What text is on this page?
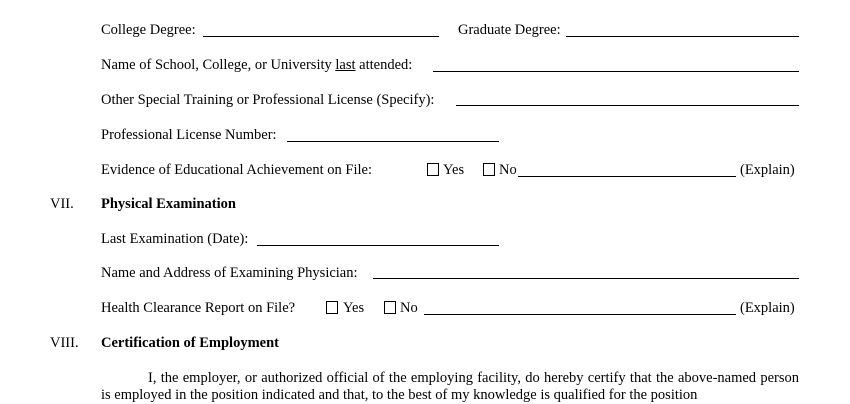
College Degree:	Graduate Degree:
Name of School, College, or University last attended:
Other Special Training or Professional License (Specify):
Professional License Number:
Evidence of Educational Achievement on File:	Yes No	(Explain)
VII. Physical Examination
Last Examination (Date):
Name and Address of Examining Physician:
Health Clearance Report on File?	Yes No	(Explain)
VIII. Certification of Employment
I, the employer, or authorized official of the employing facility, do hereby certify that the above-named person is employed in the position indicated and that, to the best of my knowledge is qualified for the position
